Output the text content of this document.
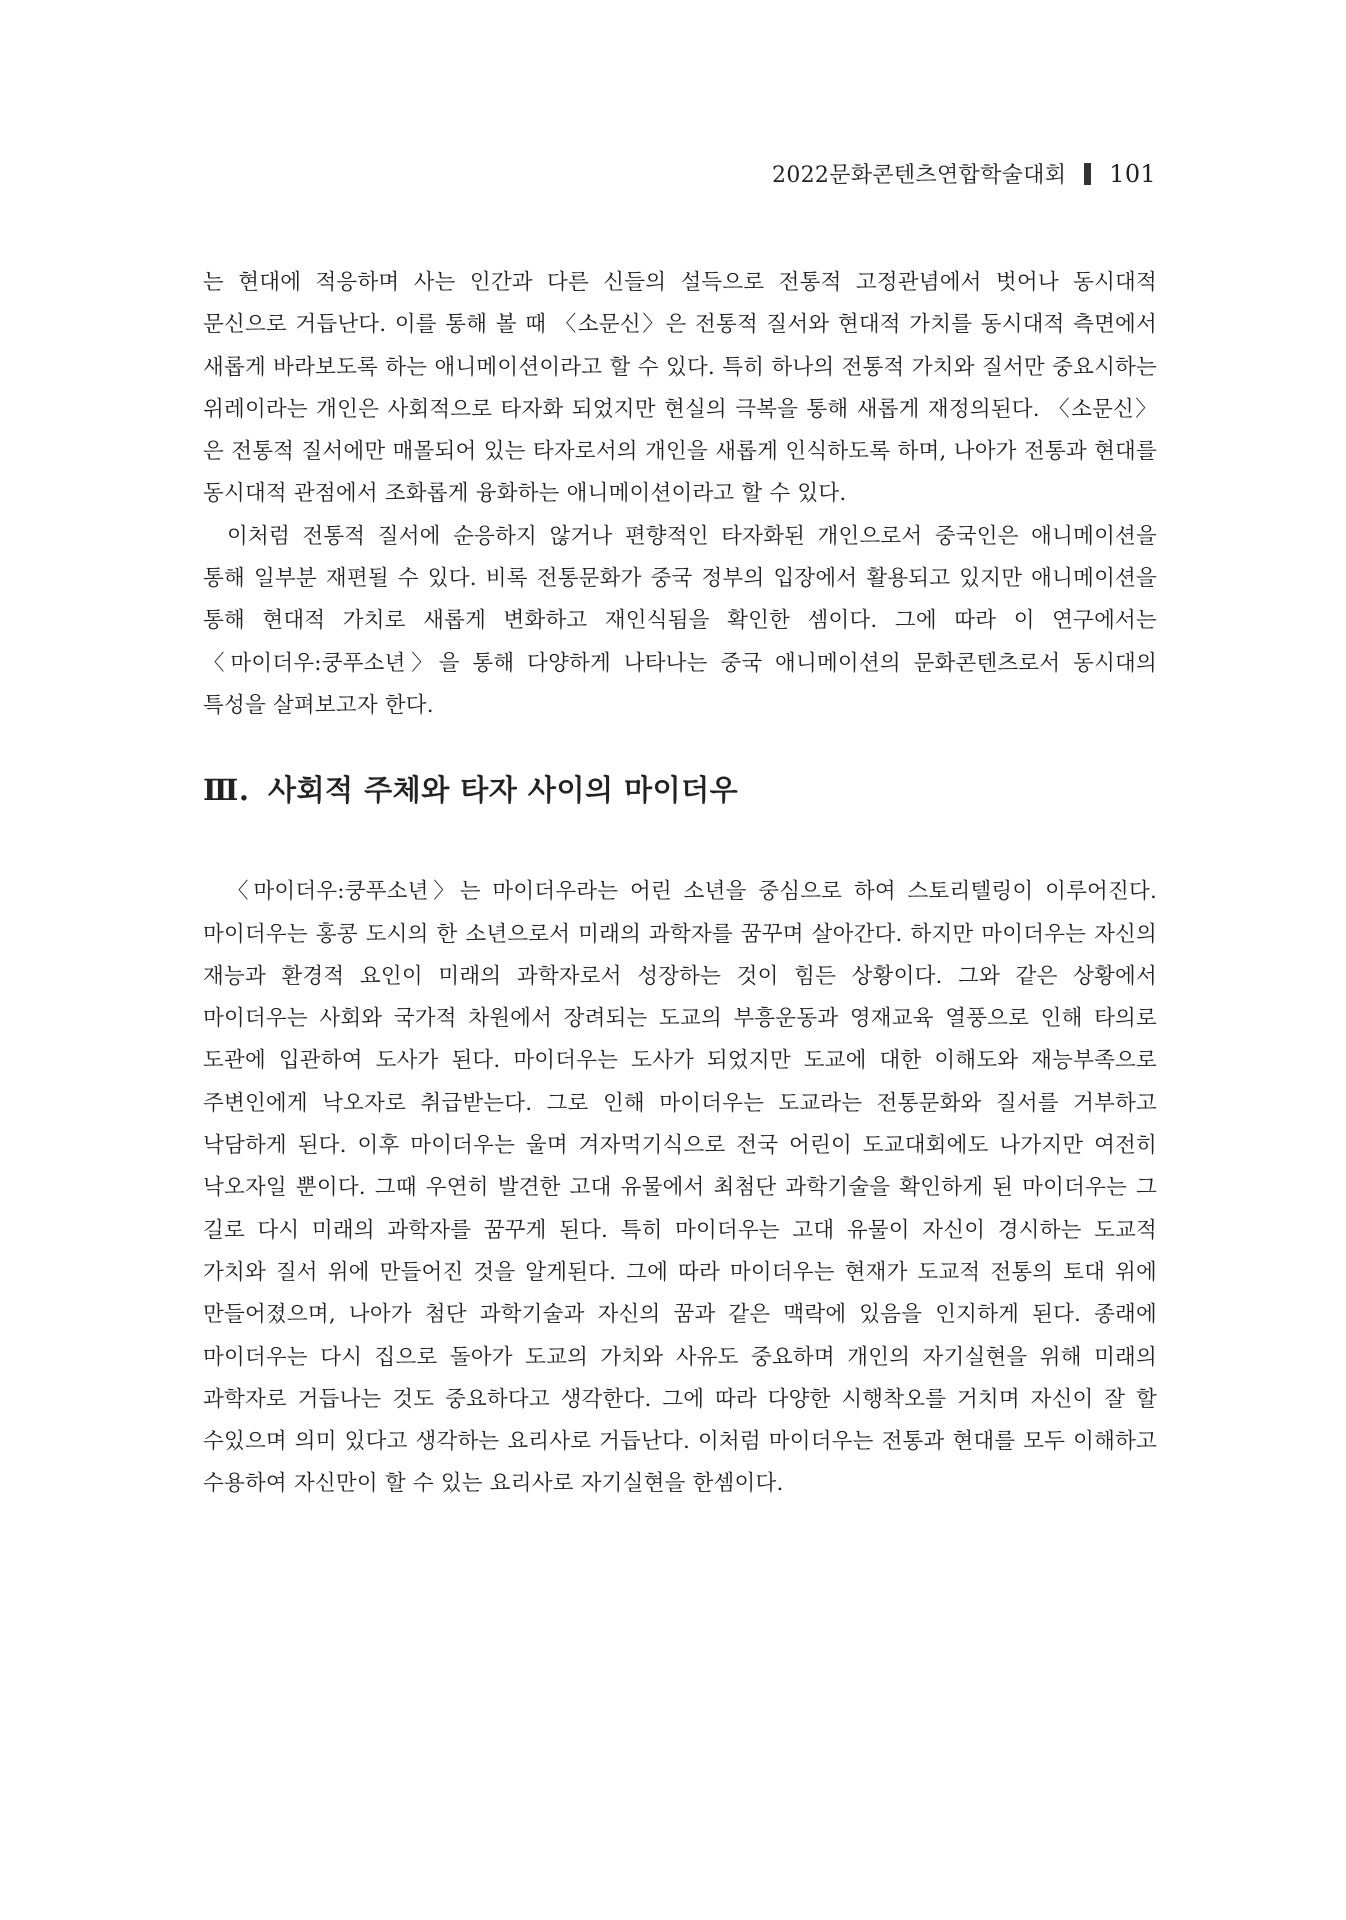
2022문화콘텐츠연합학술대회 101

는 현대에 적응하며 사는 인간과 다른 신들의 설득으로 전통적 고정관념에서 벗어나 동시대적 문신으로 거듭난다. 이를 통해 볼 때 〈소문신〉은 전통적 질서와 현대적 가치를 동시대적 측면에서 새롭게 바라보도록 하는 애니메이션이라고 할 수 있다. 특히 하나의 전통적 가치와 질서만 중요시하는 위레이라는 개인은 사회적으로 타자화 되었지만 현실의 극복을 통해 새롭게 재정의된다. 〈소문신〉은 전통적 질서에만 매몰되어 있는 타자로서의 개인을 새롭게 인식하도록 하며, 나아가 전통과 현대를 동시대적 관점에서 조화롭게 융화하는 애니메이션이라고 할 수 있다.

이처럼 전통적 질서에 순응하지 않거나 편향적인 타자화된 개인으로서 중국인은 애니메이션을 통해 일부분 재편될 수 있다. 비록 전통문화가 중국 정부의 입장에서 활용되고 있지만 애니메이션을 통해 현대적 가치로 새롭게 변화하고 재인식됨을 확인한 셈이다. 그에 따라 이 연구에서는 〈마이더우:쿵푸소년〉을 통해 다양하게 나타나는 중국 애니메이션의 문화콘텐츠로서 동시대의 특성을 살펴보고자 한다.

Ⅲ. 사회적 주체와 타자 사이의 마이더우

〈마이더우:쿵푸소년〉는 마이더우라는 어린 소년을 중심으로 하여 스토리텔링이 이루어진다. 마이더우는 홍콩 도시의 한 소년으로서 미래의 과학자를 꿈꾸며 살아간다. 하지만 마이더우는 자신의 재능과 환경적 요인이 미래의 과학자로서 성장하는 것이 힘든 상황이다. 그와 같은 상황에서 마이더우는 사회와 국가적 차원에서 장려되는 도교의 부흥운동과 영재교육 열풍으로 인해 타의로 도관에 입관하여 도사가 된다. 마이더우는 도사가 되었지만 도교에 대한 이해도와 재능부족으로 주변인에게 낙오자로 취급받는다. 그로 인해 마이더우는 도교라는 전통문화와 질서를 거부하고 낙담하게 된다. 이후 마이더우는 울며 겨자먹기식으로 전국 어린이 도교대회에도 나가지만 여전히 낙오자일 뿐이다. 그때 우연히 발견한 고대 유물에서 최첨단 과학기술을 확인하게 된 마이더우는 그 길로 다시 미래의 과학자를 꿈꾸게 된다. 특히 마이더우는 고대 유물이 자신이 경시하는 도교적 가치와 질서 위에 만들어진 것을 알게된다. 그에 따라 마이더우는 현재가 도교적 전통의 토대 위에 만들어졌으며, 나아가 첨단 과학기술과 자신의 꿈과 같은 맥락에 있음을 인지하게 된다. 종래에 마이더우는 다시 집으로 돌아가 도교의 가치와 사유도 중요하며 개인의 자기실현을 위해 미래의 과학자로 거듭나는 것도 중요하다고 생각한다. 그에 따라 다양한 시행착오를 거치며 자신이 잘 할 수있으며 의미 있다고 생각하는 요리사로 거듭난다. 이처럼 마이더우는 전통과 현대를 모두 이해하고 수용하여 자신만이 할 수 있는 요리사로 자기실현을 한셈이다.
